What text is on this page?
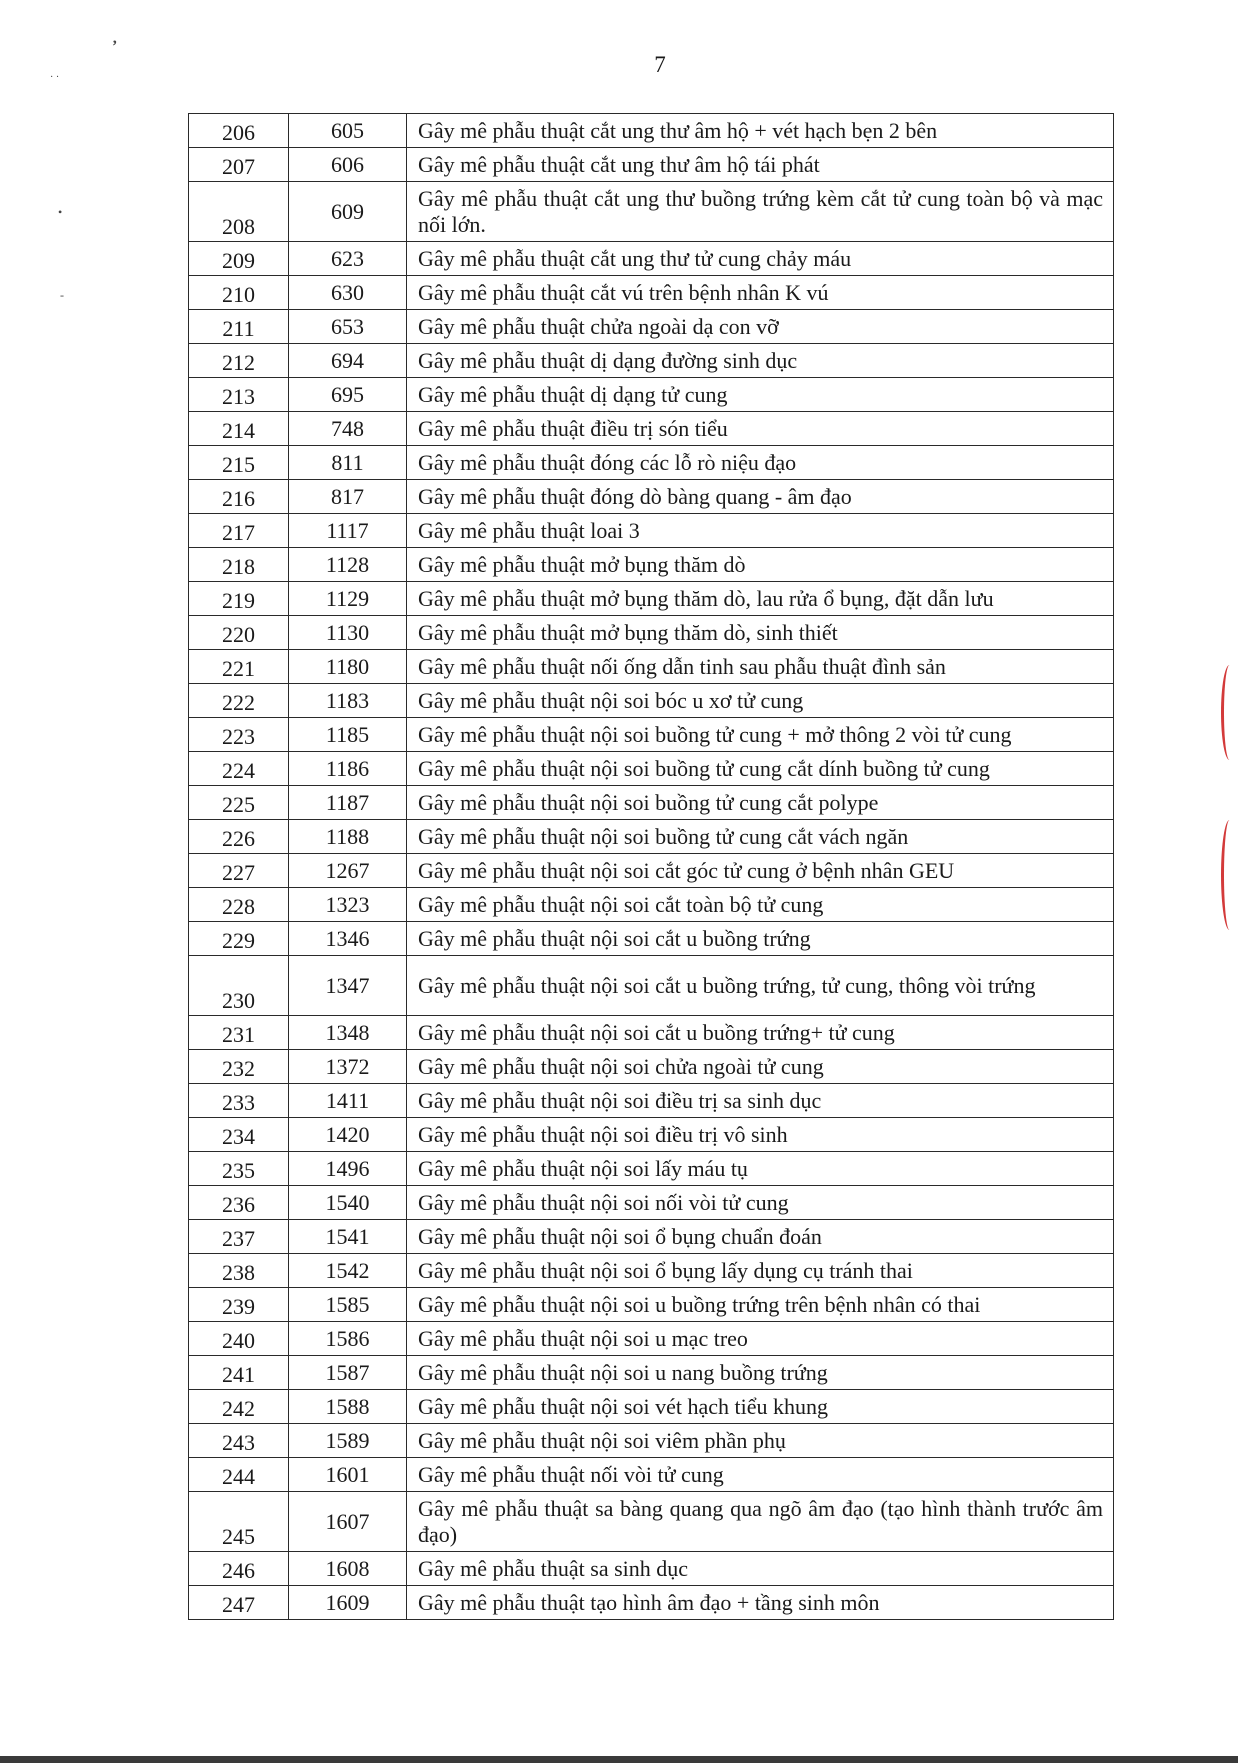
’
· ·
•
-
7
206	605	Gây mê phẫu thuật cắt ung thư âm hộ + vét hạch bẹn 2 bên
207	606	Gây mê phẫu thuật cắt ung thư âm hộ tái phát
208	609	Gây mê phẫu thuật cắt ung thư buồng trứng kèm cắt tử cung toàn bộ và mạc nối lớn.
209	623	Gây mê phẫu thuật cắt ung thư tử cung chảy máu
210	630	Gây mê phẫu thuật cắt vú trên bệnh nhân K vú
211	653	Gây mê phẫu thuật chửa ngoài dạ con vỡ
212	694	Gây mê phẫu thuật dị dạng đường sinh dục
213	695	Gây mê phẫu thuật dị dạng tử cung
214	748	Gây mê phẫu thuật điều trị són tiểu
215	811	Gây mê phẫu thuật đóng các lỗ rò niệu đạo
216	817	Gây mê phẫu thuật đóng dò bàng quang - âm đạo
217	1117	Gây mê phẫu thuật loai 3
218	1128	Gây mê phẫu thuật mở bụng thăm dò
219	1129	Gây mê phẫu thuật mở bụng thăm dò, lau rửa ổ bụng, đặt dẫn lưu
220	1130	Gây mê phẫu thuật mở bụng thăm dò, sinh thiết
221	1180	Gây mê phẫu thuật nối ống dẫn tinh sau phẫu thuật đình sản
222	1183	Gây mê phẫu thuật nội soi bóc u xơ tử cung
223	1185	Gây mê phẫu thuật nội soi buồng tử cung + mở thông 2 vòi tử cung
224	1186	Gây mê phẫu thuật nội soi buồng tử cung cắt dính buồng tử cung
225	1187	Gây mê phẫu thuật nội soi buồng tử cung cắt polype
226	1188	Gây mê phẫu thuật nội soi buồng tử cung cắt vách ngăn
227	1267	Gây mê phẫu thuật nội soi cắt góc tử cung ở bệnh nhân GEU
228	1323	Gây mê phẫu thuật nội soi cắt toàn bộ tử cung
229	1346	Gây mê phẫu thuật nội soi cắt u buồng trứng
230	1347	Gây mê phẫu thuật nội soi cắt u buồng trứng, tử cung, thông vòi trứng
231	1348	Gây mê phẫu thuật nội soi cắt u buồng trứng+ tử cung
232	1372	Gây mê phẫu thuật nội soi chửa ngoài tử cung
233	1411	Gây mê phẫu thuật nội soi điều trị sa sinh dục
234	1420	Gây mê phẫu thuật nội soi điều trị vô sinh
235	1496	Gây mê phẫu thuật nội soi lấy máu tụ
236	1540	Gây mê phẫu thuật nội soi nối vòi tử cung
237	1541	Gây mê phẫu thuật nội soi ổ bụng chuẩn đoán
238	1542	Gây mê phẫu thuật nội soi ổ bụng lấy dụng cụ tránh thai
239	1585	Gây mê phẫu thuật nội soi u buồng trứng trên bệnh nhân có thai
240	1586	Gây mê phẫu thuật nội soi u mạc treo
241	1587	Gây mê phẫu thuật nội soi u nang buồng trứng
242	1588	Gây mê phẫu thuật nội soi vét hạch tiểu khung
243	1589	Gây mê phẫu thuật nội soi viêm phần phụ
244	1601	Gây mê phẫu thuật nối vòi tử cung
245	1607	Gây mê phẫu thuật sa bàng quang qua ngõ âm đạo (tạo hình thành trước âm đạo)
246	1608	Gây mê phẫu thuật sa sinh dục
247	1609	Gây mê phẫu thuật tạo hình âm đạo + tầng sinh môn
